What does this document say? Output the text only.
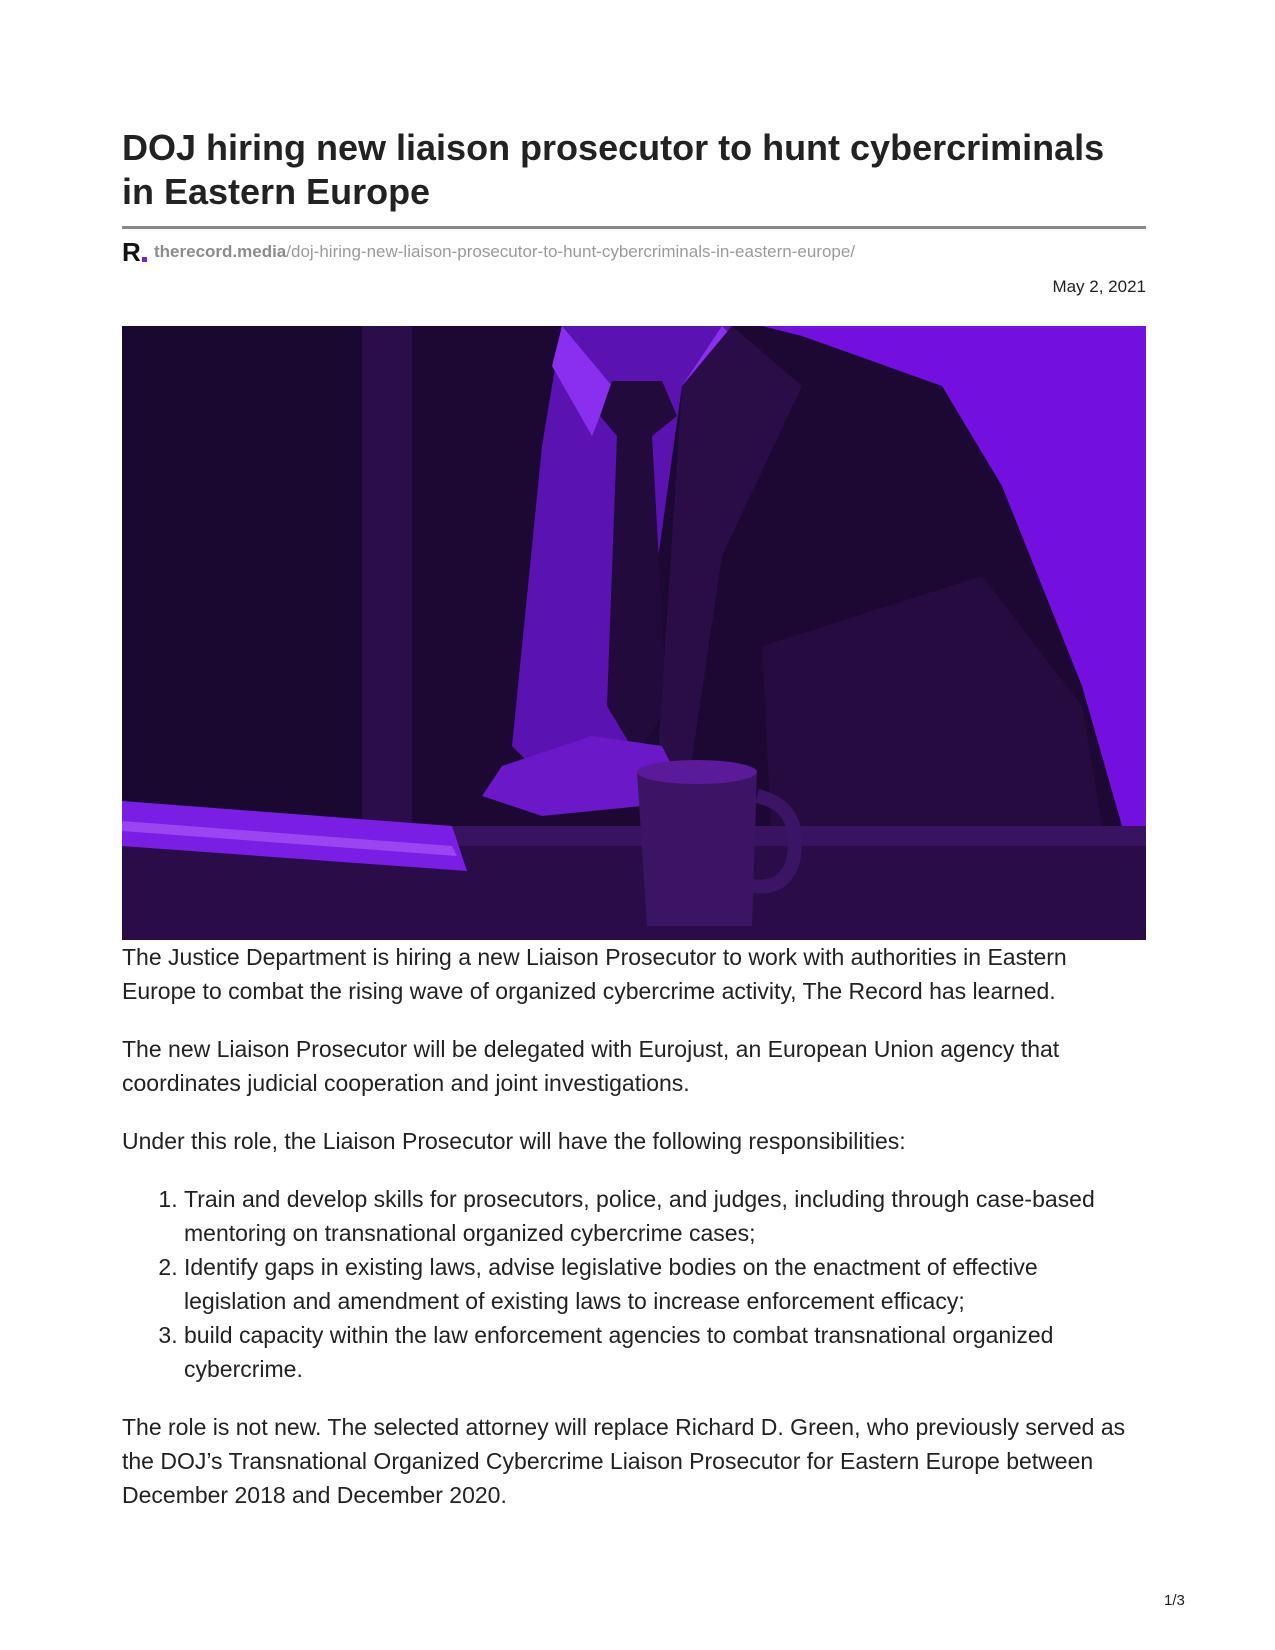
DOJ hiring new liaison prosecutor to hunt cybercriminals in Eastern Europe
R therecord.media /doj-hiring-new-liaison-prosecutor-to-hunt-cybercriminals-in-eastern-europe/
May 2, 2021

The Justice Department is hiring a new Liaison Prosecutor to work with authorities in Eastern Europe to combat the rising wave of organized cybercrime activity, The Record has learned.

The new Liaison Prosecutor will be delegated with Eurojust, an European Union agency that coordinates judicial cooperation and joint investigations.

Under this role, the Liaison Prosecutor will have the following responsibilities:

1. Train and develop skills for prosecutors, police, and judges, including through case-based mentoring on transnational organized cybercrime cases;
2. Identify gaps in existing laws, advise legislative bodies on the enactment of effective legislation and amendment of existing laws to increase enforcement efficacy;
3. build capacity within the law enforcement agencies to combat transnational organized cybercrime.

The role is not new. The selected attorney will replace Richard D. Green, who previously served as the DOJ’s Transnational Organized Cybercrime Liaison Prosecutor for Eastern Europe between December 2018 and December 2020.

1/3
